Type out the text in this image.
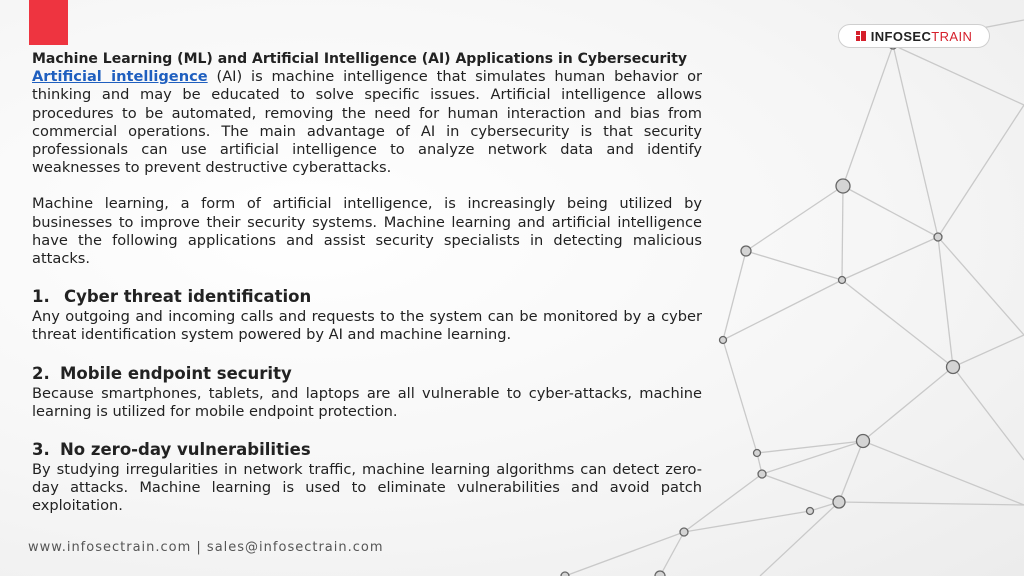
INFOSECTRAIN

Machine Learning (ML) and Artificial Intelligence (AI) Applications in Cybersecurity

Artificial intelligence (AI) is machine intelligence that simulates human behavior or thinking and may be educated to solve specific issues. Artificial intelligence allows procedures to be automated, removing the need for human interaction and bias from commercial operations. The main advantage of AI in cybersecurity is that security professionals can use artificial intelligence to analyze network data and identify weaknesses to prevent destructive cyberattacks.

Machine learning, a form of artificial intelligence, is increasingly being utilized by businesses to improve their security systems. Machine learning and artificial intelligence have the following applications and assist security specialists in detecting malicious attacks.

1. Cyber threat identification

Any outgoing and incoming calls and requests to the system can be monitored by a cyber threat identification system powered by AI and machine learning.

2. Mobile endpoint security

Because smartphones, tablets, and laptops are all vulnerable to cyber-attacks, machine learning is utilized for mobile endpoint protection.

3. No zero-day vulnerabilities

By studying irregularities in network traffic, machine learning algorithms can detect zero-day attacks. Machine learning is used to eliminate vulnerabilities and avoid patch exploitation.

www.infosectrain.com | sales@infosectrain.com
